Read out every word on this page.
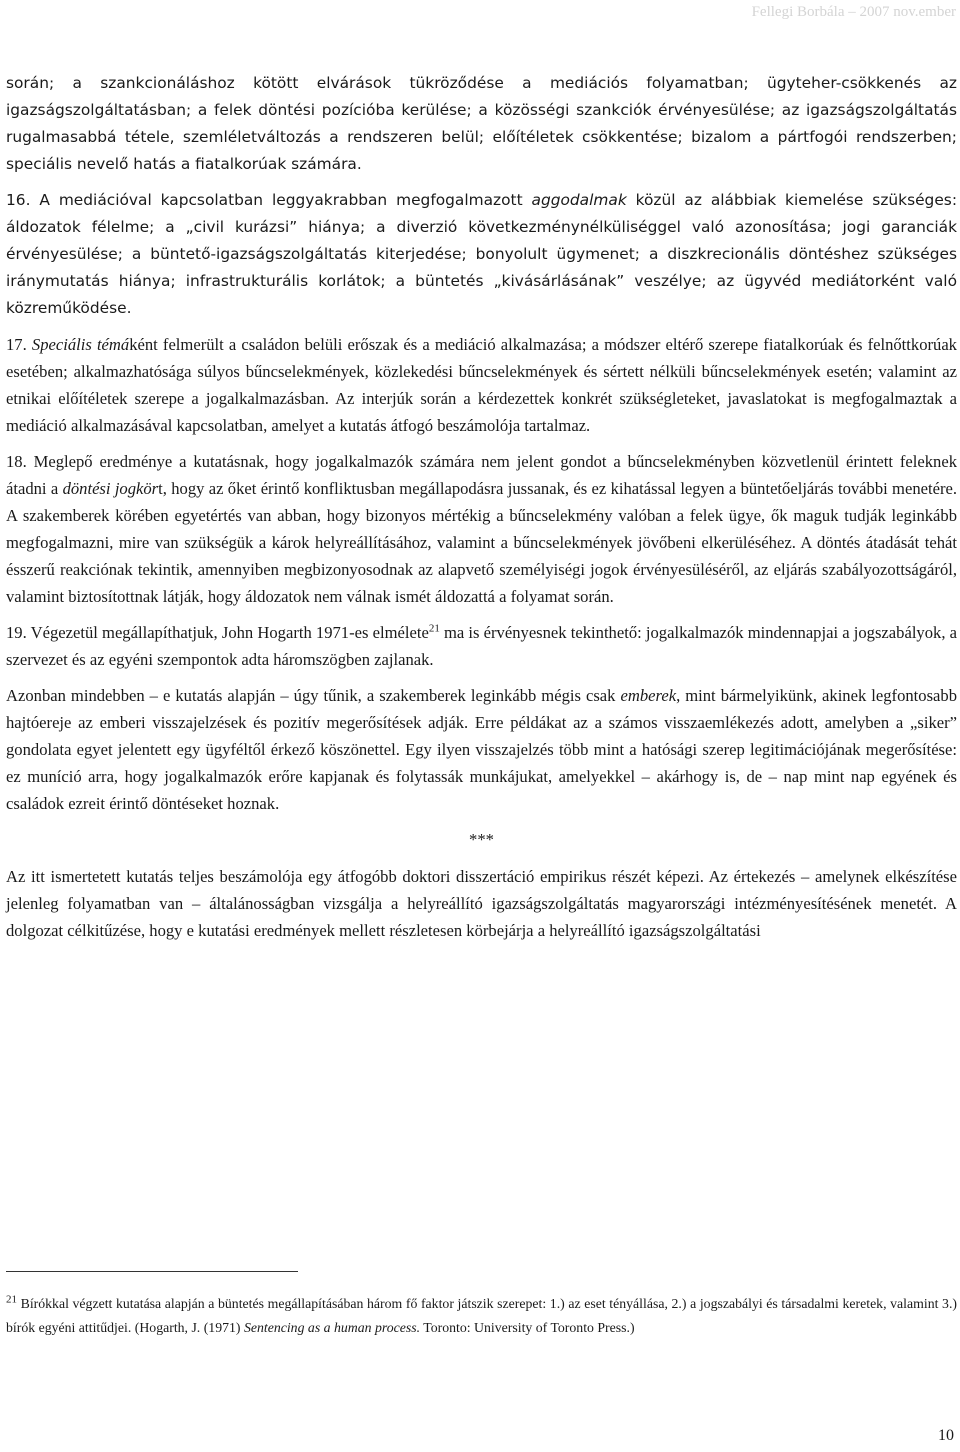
Fellegi Borbála – 2007 nov.ember

során; a szankcionáláshoz kötött elvárások tükröződése a mediációs folyamatban; ügyteher-csökkenés az igazságszolgáltatásban; a felek döntési pozícióba kerülése; a közösségi szankciók érvényesülése; az igazságszolgáltatás rugalmasabbá tétele, szemléletváltozás a rendszeren belül; előítéletek csökkentése; bizalom a pártfogói rendszerben; speciális nevelő hatás a fiatalkorúak számára.

16. A mediációval kapcsolatban leggyakrabban megfogalmazott aggodalmak közül az alábbiak kiemelése szükséges: áldozatok félelme; a „civil kurázsi” hiánya; a diverzió következménynélküliséggel való azonosítása; jogi garanciák érvényesülése; a büntető-igazságszolgáltatás kiterjedése; bonyolult ügymenet; a diszkrecionális döntéshez szükséges iránymutatás hiánya; infrastrukturális korlátok; a büntetés „kivásárlásának” veszélye; az ügyvéd mediátorként való közreműködése.

17. Speciális témáként felmerült a családon belüli erőszak és a mediáció alkalmazása; a módszer eltérő szerepe fiatalkorúak és felnőttkorúak esetében; alkalmazhatósága súlyos bűncselekmények, közlekedési bűncselekmények és sértett nélküli bűncselekmények esetén; valamint az etnikai előítéletek szerepe a jogalkalmazásban. Az interjúk során a kérdezettek konkrét szükségleteket, javaslatokat is megfogalmaztak a mediáció alkalmazásával kapcsolatban, amelyet a kutatás átfogó beszámolója tartalmaz.

18. Meglepő eredménye a kutatásnak, hogy jogalkalmazók számára nem jelent gondot a bűncselekményben közvetlenül érintett feleknek átadni a döntési jogkört, hogy az őket érintő konfliktusban megállapodásra jussanak, és ez kihatással legyen a büntetőeljárás további menetére. A szakemberek körében egyetértés van abban, hogy bizonyos mértékig a bűncselekmény valóban a felek ügye, ők maguk tudják leginkább megfogalmazni, mire van szükségük a károk helyreállításához, valamint a bűncselekmények jövőbeni elkerüléséhez. A döntés átadását tehát ésszerű reakciónak tekintik, amennyiben megbizonyosodnak az alapvető személyiségi jogok érvényesüléséről, az eljárás szabályozottságáról, valamint biztosítottnak látják, hogy áldozatok nem válnak ismét áldozattá a folyamat során.

19. Végezetül megállapíthatjuk, John Hogarth 1971-es elmélete$^{21}$ ma is érvényesnek tekinthető: jogalkalmazók mindennapjai a jogszabályok, a szervezet és az egyéni szempontok adta háromszögben zajlanak.

Azonban mindebben – e kutatás alapján – úgy tűnik, a szakemberek leginkább mégis csak emberek, mint bármelyikünk, akinek legfontosabb hajtóereje az emberi visszajelzések és pozitív megerősítések adják. Erre példákat az a számos visszaemlékezés adott, amelyben a „siker” gondolata egyet jelentett egy ügyféltől érkező köszönettel. Egy ilyen visszajelzés több mint a hatósági szerep legitimációjának megerősítése: ez muníció arra, hogy jogalkalmazók erőre kapjanak és folytassák munkájukat, amelyekkel – akárhogy is, de – nap mint nap egyének és családok ezreit érintő döntéseket hoznak.

***

Az itt ismertetett kutatás teljes beszámolója egy átfogóbb doktori disszertáció empirikus részét képezi. Az értekezés – amelynek elkészítése jelenleg folyamatban van – általánosságban vizsgálja a helyreállító igazságszolgáltatás magyarországi intézményesítésének menetét. A dolgozat célkitűzése, hogy e kutatási eredmények mellett részletesen körbejárja a helyreállító igazságszolgáltatási

$^{21}$ Bírókkal végzett kutatása alapján a büntetés megállapításában három fő faktor játszik szerepet: 1.) az eset tényállása, 2.) a jogszabályi és társadalmi keretek, valamint 3.) bírók egyéni attitűdjei. (Hogarth, J. (1971) Sentencing as a human process. Toronto: University of Toronto Press.)
10
